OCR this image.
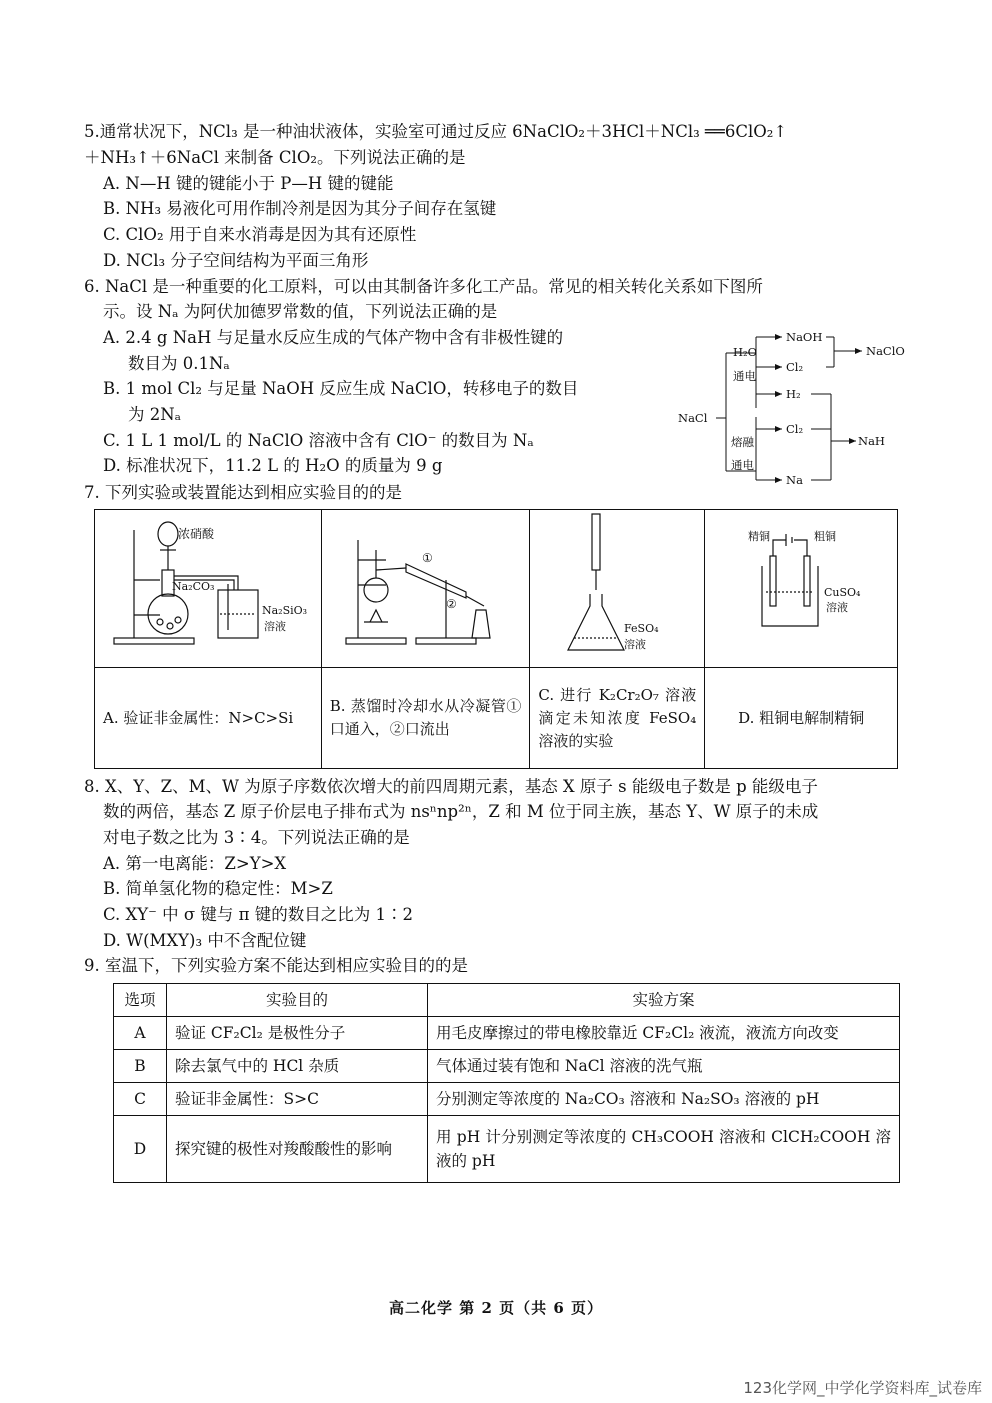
5.通常状况下，NCl₃ 是一种油状液体，实验室可通过反应 6NaClO₂＋3HCl＋NCl₃ ══6ClO₂↑
＋NH₃↑＋6NaCl 来制备 ClO₂。下列说法正确的是
A. N—H 键的键能小于 P—H 键的键能
B. NH₃ 易液化可用作制冷剂是因为其分子间存在氢键
C. ClO₂ 用于自来水消毒是因为其有还原性
D. NCl₃ 分子空间结构为平面三角形
6. NaCl 是一种重要的化工原料，可以由其制备许多化工产品。常见的相关转化关系如下图所
示。设 Nₐ 为阿伏加德罗常数的值，下列说法正确的是
A. 2.4 g NaH 与足量水反应生成的气体产物中含有非极性键的
数目为 0.1Nₐ
B. 1 mol Cl₂ 与足量 NaOH 反应生成 NaClO，转移电子的数目
为 2Nₐ
C. 1 L 1 mol/L 的 NaClO 溶液中含有 ClO⁻ 的数目为 Nₐ
D. 标准状况下，11.2 L 的 H₂O 的质量为 9 g
NaCl
H₂O
通电
熔融
通电
NaOH
Cl₂
NaClO
H₂
Cl₂
Na
NaH
7. 下列实验或装置能达到相应实验目的的是
浓硝酸
Na₂CO₃
Na₂SiO₃
溶液	①
②	FeSO₄
溶液	精铜 粗铜
CuSO₄
溶液

A. 验证非金属性：N>C>Si	B. 蒸馏时冷却水从冷凝管①口通入，②口流出	C. 进行 K₂Cr₂O₇ 溶液滴定未知浓度 FeSO₄ 溶液的实验	D. 粗铜电解制精铜
8. X、Y、Z、M、W 为原子序数依次增大的前四周期元素，基态 X 原子 s 能级电子数是 p 能级电子
数的两倍，基态 Z 原子价层电子排布式为 nsⁿnp²ⁿ，Z 和 M 位于同主族，基态 Y、W 原子的未成
对电子数之比为 3∶4。下列说法正确的是
A. 第一电离能：Z>Y>X
B. 简单氢化物的稳定性：M>Z
C. XY⁻ 中 σ 键与 π 键的数目之比为 1∶2
D. W(MXY)₃ 中不含配位键
9. 室温下，下列实验方案不能达到相应实验目的的是
选项	实验目的	实验方案
A	验证 CF₂Cl₂ 是极性分子	用毛皮摩擦过的带电橡胶靠近 CF₂Cl₂ 液流，液流方向改变
B	除去氯气中的 HCl 杂质	气体通过装有饱和 NaCl 溶液的洗气瓶
C	验证非金属性：S>C	分别测定等浓度的 Na₂CO₃ 溶液和 Na₂SO₃ 溶液的 pH
D	探究键的极性对羧酸酸性的影响	用 pH 计分别测定等浓度的 CH₃COOH 溶液和 ClCH₂COOH 溶液的 pH
高二化学 第 2 页（共 6 页）
123化学网_中学化学资料库_试卷库
